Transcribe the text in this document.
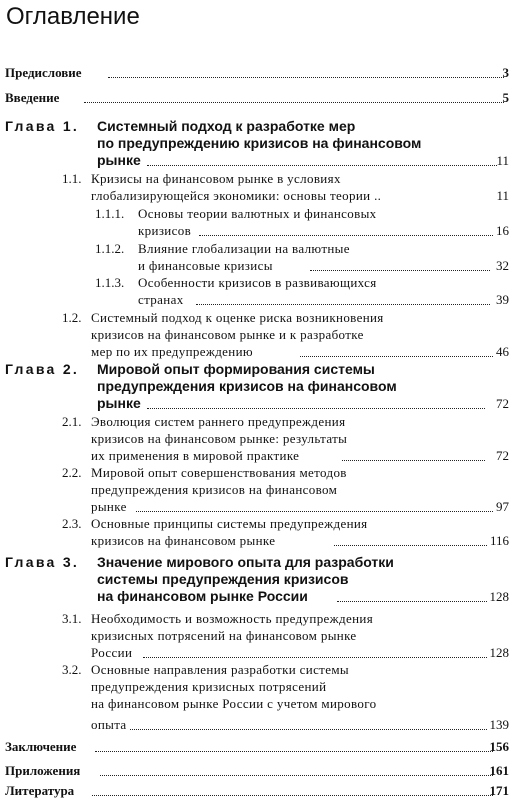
Оглавление
Предисловие	3
Введение	5
Глава 1. Системный подход к разработке мер
по предупреждению кризисов на финансовом
рынке	11
1.1. Кризисы на финансовом рынке в условиях
глобализирующейся экономики: основы теории ..	11
1.1.1. Основы теории валютных и финансовых
кризисов	16
1.1.2. Влияние глобализации на валютные
и финансовые кризисы	32
1.1.3. Особенности кризисов в развивающихся
странах	39
1.2. Системный подход к оценке риска возникновения
кризисов на финансовом рынке и к разработке
мер по их предупреждению	46
Глава 2. Мировой опыт формирования системы
предупреждения кризисов на финансовом
рынке	72
2.1. Эволюция систем раннего предупреждения
кризисов на финансовом рынке: результаты
их применения в мировой практике	72
2.2. Мировой опыт совершенствования методов
предупреждения кризисов на финансовом
рынке	97
2.3. Основные принципы системы предупреждения
кризисов на финансовом рынке	116
Глава 3. Значение мирового опыта для разработки
системы предупреждения кризисов
на финансовом рынке России	128
3.1. Необходимость и возможность предупреждения
кризисных потрясений на финансовом рынке
России	128
3.2. Основные направления разработки системы
предупреждения кризисных потрясений
на финансовом рынке России с учетом мирового
опыта	139
Заключение	156
Приложения	161
Литература	171
